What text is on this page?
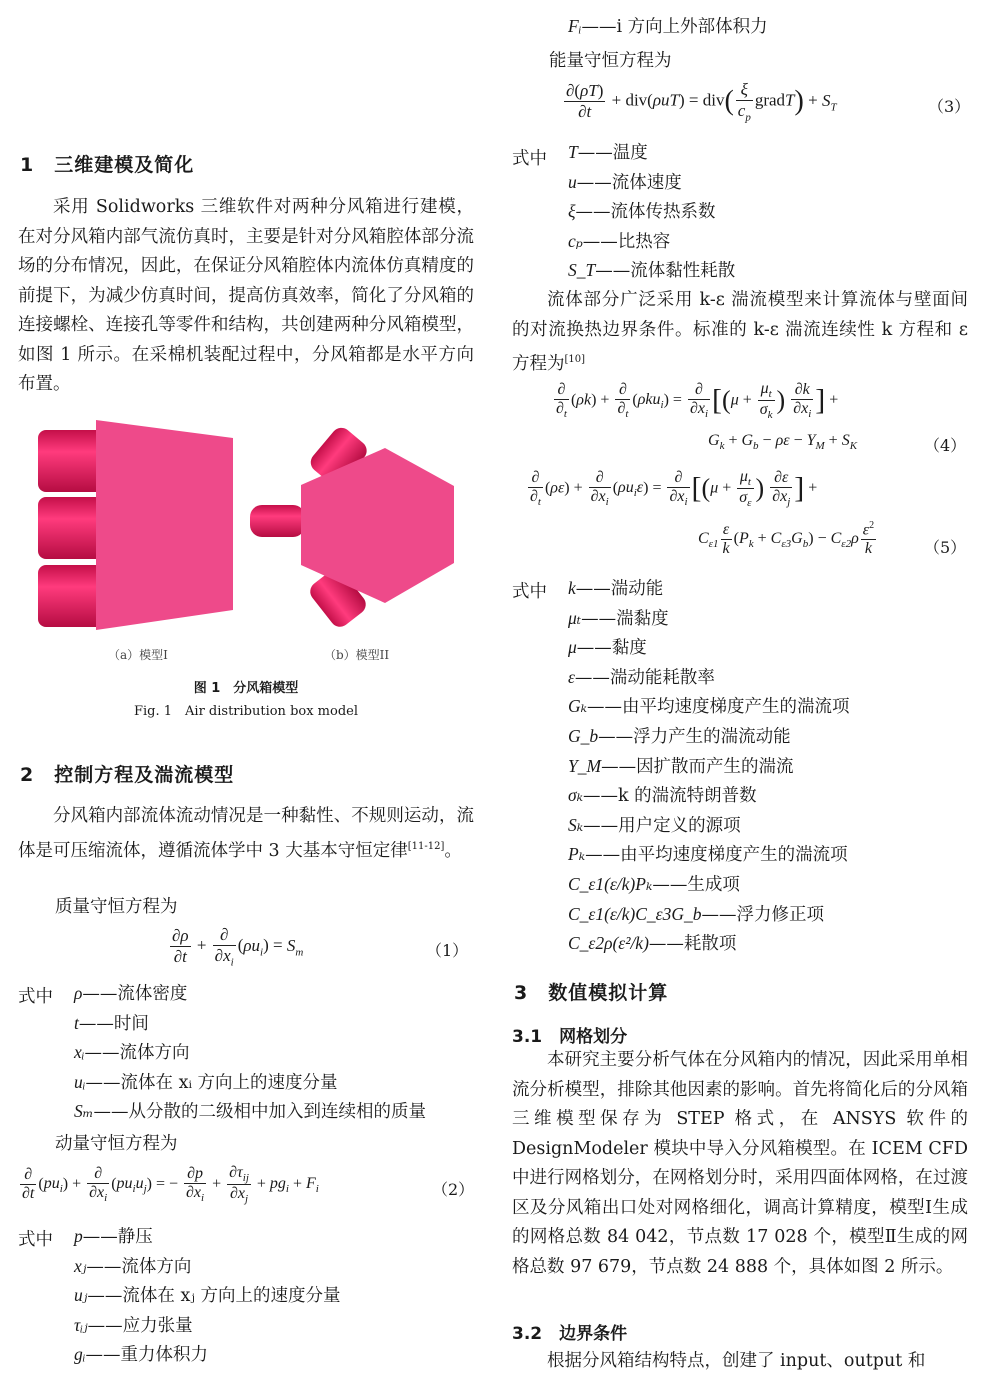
1　三维建模及简化

采用 Solidworks 三维软件对两种分风箱进行建模，在对分风箱内部气流仿真时，主要是针对分风箱腔体部分流场的分布情况，因此，在保证分风箱腔体内流体仿真精度的前提下，为减少仿真时间，提高仿真效率，简化了分风箱的连接螺栓、连接孔等零件和结构，共创建两种分风箱模型，如图 1 所示。在采棉机装配过程中，分风箱都是水平方向布置。

（a）模型I	（b）模型II
图 1　分风箱模型
Fig. 1　Air distribution box model
2　控制方程及湍流模型

分风箱内部流体流动情况是一种黏性、不规则运动，流体是可压缩流体，遵循流体学中 3 大基本守恒定律[11-12]。

质量守恒方程为
$\frac{\partial\rho}{\partial t} + \frac{\partial}{\partial x_i} (\rho u_i) = S_m$	（1）
式中 ρ——流体密度
t——时间
xᵢ——流体方向
uᵢ——流体在 xᵢ 方向上的速度分量
Sₘ——从分散的二级相中加入到连续相的质量
动量守恒方程为
$\frac{\partial}{\partial t} (pu_i) + \frac{\partial}{\partial x_i} (pu_iu_j)$ = − $\frac{\partial p}{\partial x_i} + \frac{\partial\tau_{ij}}{\partial x_j} + pg_i + F_i$	（2）
式中 p——静压
xⱼ——流体方向
uⱼ——流体在 xⱼ 方向上的速度分量
τᵢⱼ——应力张量
gᵢ——重力体积力
Fᵢ——i 方向上外部体积力
能量守恒方程为
$\frac{\partial(\rho T)}{\partial t} + div(\rho uT) = div( \frac{\xi}{c_p}$ gradT) + $S_T$	（3）
式中 T——温度
u——流体速度
ξ——流体传热系数
cₚ——比热容
S_T——流体黏性耗散

流体部分广泛采用 k-ε 湍流模型来计算流体与壁面间的对流换热边界条件。标准的 k-ε 湍流连续性 k 方程和 ε 方程为[10]

$\frac{\partial}{\partial_t} (\rho k) + \frac{\partial}{\partial_t} (\rho ku_i) = \frac{\partial}{\partial x_i} [(\mu + \frac{\mu_t}{\sigma_k}$ ) $\frac{\partial k}{\partial x_i}$ ] +
$G_k + G_b - \rho\varepsilon - Y_M + S_K$	（4）
$\frac{\partial}{\partial_t} (\rho\varepsilon) + \frac{\partial}{\partial x_i} (\rho u_i\varepsilon) = \frac{\partial}{\partial x_i} [(\mu + \frac{\mu_t}{\sigma_\varepsilon}$ ) $\frac{\partial\varepsilon}{\partial x_j}$ ] +
$C_{\varepsilon 1} \frac{\varepsilon}{k} (P_k + C_{\varepsilon 3}G_b) - C_{\varepsilon 2}\rho \frac{\varepsilon^2}{k}$	（5）
式中 k——湍动能
μₜ——湍黏度
μ——黏度
ε——湍动能耗散率
Gₖ——由平均速度梯度产生的湍流项
G_b——浮力产生的湍流动能
Y_M——因扩散而产生的湍流
σₖ——k 的湍流特朗普数
Sₖ——用户定义的源项
Pₖ——由平均速度梯度产生的湍流项
C_ε1(ε/k)Pₖ——生成项
C_ε1(ε/k)C_ε3G_b——浮力修正项
C_ε2ρ(ε²/k)——耗散项
3　数值模拟计算
3.1　网格划分

本研究主要分析气体在分风箱内的情况，因此采用单相流分析模型，排除其他因素的影响。首先将简化后的分风箱三维模型保存为 STEP 格式，在 ANSYS 软件的 DesignModeler 模块中导入分风箱模型。在 ICEM CFD 中进行网格划分，在网格划分时，采用四面体网格，在过渡区及分风箱出口处对网格细化，调高计算精度，模型Ⅰ生成的网格总数 84 042，节点数 17 028 个，模型Ⅱ生成的网格总数 97 679，节点数 24 888 个，具体如图 2 所示。

3.2　边界条件

根据分风箱结构特点，创建了 input、output 和
